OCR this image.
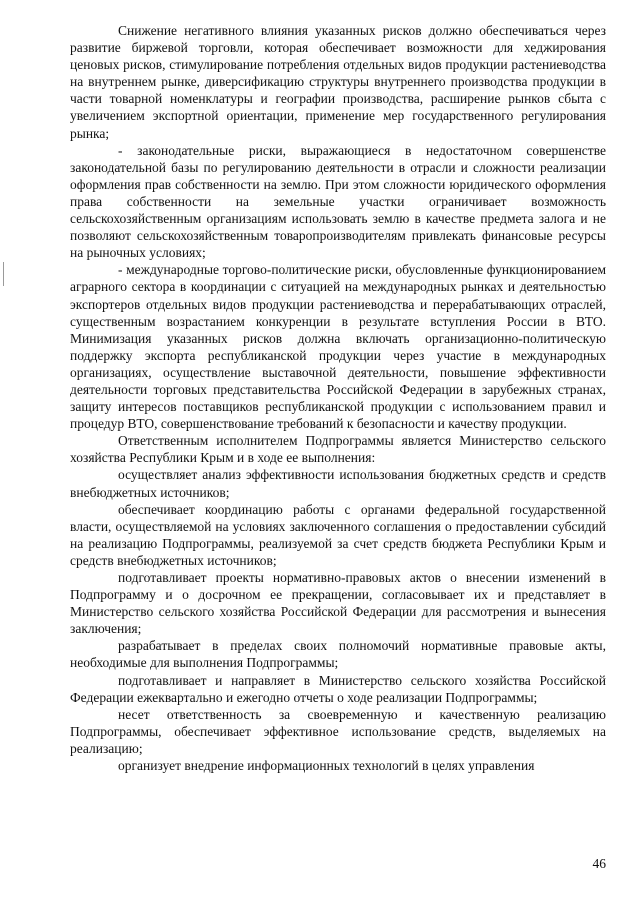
Снижение негативного влияния указанных рисков должно обеспечиваться через развитие биржевой торговли, которая обеспечивает возможности для хеджирования ценовых рисков, стимулирование потребления отдельных видов продукции растениеводства на внутреннем рынке, диверсификацию структуры внутреннего производства продукции в части товарной номенклатуры и географии производства, расширение рынков сбыта с увеличением экспортной ориентации, применение мер государственного регулирования рынка;

- законодательные риски, выражающиеся в недостаточном совершенстве законодательной базы по регулированию деятельности в отрасли и сложности реализации оформления прав собственности на землю. При этом сложности юридического оформления права собственности на земельные участки ограничивает возможность сельскохозяйственным организациям использовать землю в качестве предмета залога и не позволяют сельскохозяйственным товаропроизводителям привлекать финансовые ресурсы на рыночных условиях;

- международные торгово-политические риски, обусловленные функционированием аграрного сектора в координации с ситуацией на международных рынках и деятельностью экспортеров отдельных видов продукции растениеводства и перерабатывающих отраслей, существенным возрастанием конкуренции в результате вступления России в ВТО. Минимизация указанных рисков должна включать организационно-политическую поддержку экспорта республиканской продукции через участие в международных организациях, осуществление выставочной деятельности, повышение эффективности деятельности торговых представительства Российской Федерации в зарубежных странах, защиту интересов поставщиков республиканской продукции с использованием правил и процедур ВТО, совершенствование требований к безопасности и качеству продукции.

Ответственным исполнителем Подпрограммы является Министерство сельского хозяйства Республики Крым и в ходе ее выполнения:

осуществляет анализ эффективности использования бюджетных средств и средств внебюджетных источников;

обеспечивает координацию работы с органами федеральной государственной власти, осуществляемой на условиях заключенного соглашения о предоставлении субсидий на реализацию Подпрограммы, реализуемой за счет средств бюджета Республики Крым и средств внебюджетных источников;

подготавливает проекты нормативно-правовых актов о внесении изменений в Подпрограмму и о досрочном ее прекращении, согласовывает их и представляет в Министерство сельского хозяйства Российской Федерации для рассмотрения и вынесения заключения;

разрабатывает в пределах своих полномочий нормативные правовые акты, необходимые для выполнения Подпрограммы;

подготавливает и направляет в Министерство сельского хозяйства Российской Федерации ежеквартально и ежегодно отчеты о ходе реализации Подпрограммы;

несет ответственность за своевременную и качественную реализацию Подпрограммы, обеспечивает эффективное использование средств, выделяемых на реализацию;

организует внедрение информационных технологий в целях управления

46
